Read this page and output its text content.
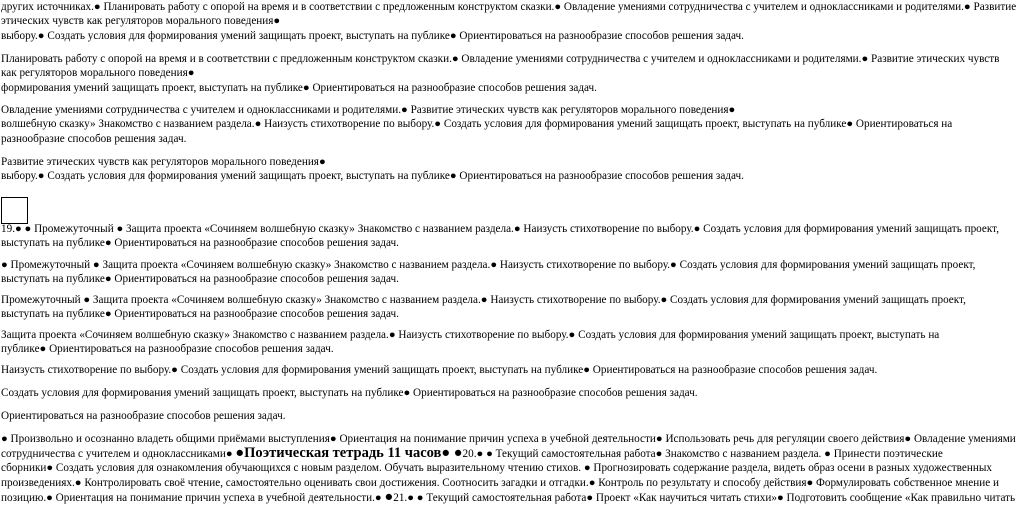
других источниках.● Планировать работу с опорой на время и в соответствии с предложенным конструктом сказки.● Овладение умениями сотрудничества с учителем и одноклассниками и родителями.● Развитие
этических чувств как регуляторов морального поведения●
выбору.● Создать условия для формирования умений защищать проект, выступать на публике● Ориентироваться на разнообразие способов решения задач.
Планировать работу с опорой на время и в соответствии с предложенным конструктом сказки.● Овладение умениями сотрудничества с учителем и одноклассниками и родителями.● Развитие этических чувств
как регуляторов морального поведения●
формирования умений защищать проект, выступать на публике● Ориентироваться на разнообразие способов решения задач.
Овладение умениями сотрудничества с учителем и одноклассниками и родителями.● Развитие этических чувств как регуляторов морального поведения●
волшебную сказку» Знакомство с названием раздела.● Наизусть стихотворение по выбору.● Создать условия для формирования умений защищать проект, выступать на публике● Ориентироваться на
разнообразие способов решения задач.
Развитие этических чувств как регуляторов морального поведения●
выбору.● Создать условия для формирования умений защищать проект, выступать на публике● Ориентироваться на разнообразие способов решения задач.
19.● ● Промежуточный ● Защита проекта «Сочиняем волшебную сказку» Знакомство с названием раздела.● Наизусть стихотворение по выбору.● Создать условия для формирования умений защищать проект,
выступать на публике● Ориентироваться на разнообразие способов решения задач.
● Промежуточный ● Защита проекта «Сочиняем волшебную сказку» Знакомство с названием раздела.● Наизусть стихотворение по выбору.● Создать условия для формирования умений защищать проект,
выступать на публике● Ориентироваться на разнообразие способов решения задач.
Промежуточный ● Защита проекта «Сочиняем волшебную сказку» Знакомство с названием раздела.● Наизусть стихотворение по выбору.● Создать условия для формирования умений защищать проект,
выступать на публике● Ориентироваться на разнообразие способов решения задач.
Защита проекта «Сочиняем волшебную сказку» Знакомство с названием раздела.● Наизусть стихотворение по выбору.● Создать условия для формирования умений защищать проект, выступать на
публике● Ориентироваться на разнообразие способов решения задач.
Наизусть стихотворение по выбору.● Создать условия для формирования умений защищать проект, выступать на публике● Ориентироваться на разнообразие способов решения задач.
Создать условия для формирования умений защищать проект, выступать на публике● Ориентироваться на разнообразие способов решения задач.
Ориентироваться на разнообразие способов решения задач.
● Произвольно и осознанно владеть общими приёмами выступления● Ориентация на понимание причин успеха в учебной деятельности● Использовать речь для регуляции своего действия● Овладение умениями
сотрудничества с учителем и одноклассниками● ●Поэтическая тетрадь 11 часов● ●20.● ● Текущий самостоятельная работа● Знакомство с названием раздела. ● Принести поэтические
сборники● Создать условия для ознакомления обучающихся с новым разделом. Обучать выразительному чтению стихов. ● Прогнозировать содержание раздела, видеть образ осени в разных художественных
произведениях.● Контролировать своё чтение, самостоятельно оценивать свои достижения. Соотносить загадки и отгадки.● Контроль по результату и способу действия● Формулировать собственное мнение и
позицию.● Ориентация на понимание причин успеха в учебной деятельности.● ●21.● ● Текущий самостоятельная работа● Проект «Как научиться читать стихи»● Подготовить сообщение «Как правильно читать
